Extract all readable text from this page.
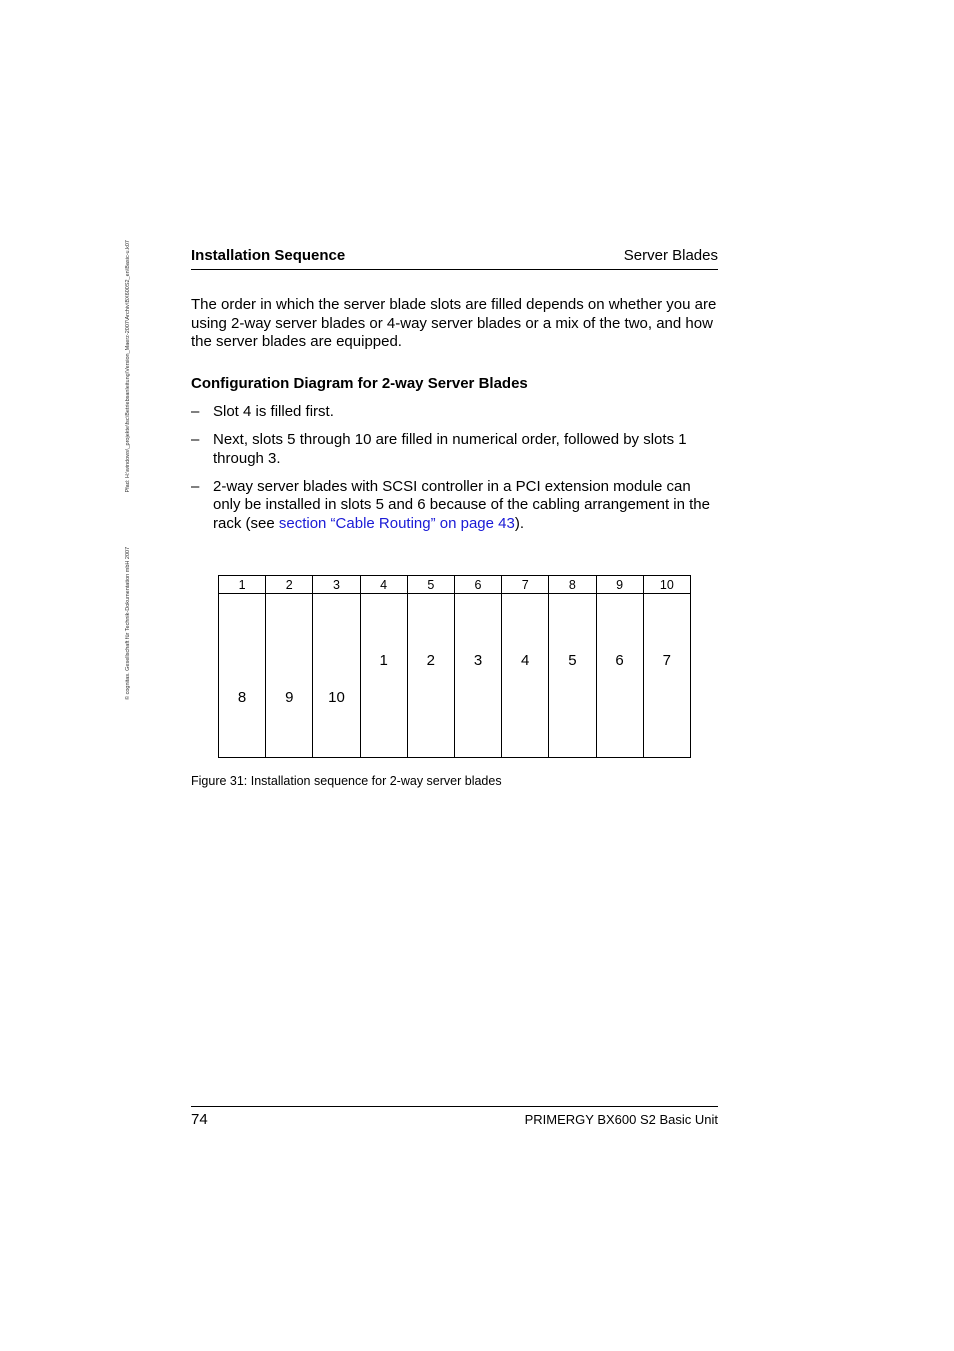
© cognitas. Gesellschaft für Technik-Dokumentation mbH 2007
Pfad: H:\windows\_projekte\fsc\Betriebsanleitung\Version_Maerz-2007\Archiv\BX600S2_en\Basic-u.k07	Installation Sequence	Server Blades

The order in which the server blade slots are filled depends on whether you are using 2-way server blades or 4-way server blades or a mix of the two, and how the server blades are equipped.

Configuration Diagram for 2-way Server Blades
– Slot 4 is filled first.
– Next, slots 5 through 10 are filled in numerical order, followed by slots 1 through 3.
– 2-way server blades with SCSI controller in a PCI extension module can only be installed in slots 5 and 6 because of the cabling arrangement in the rack (see section “Cable Routing” on page 43).
1	2	3	4	5	6	7	8	9	10

8	9	10	1	2	3	4	5	6	7

Figure 31: Installation sequence for 2-way server blades

74	PRIMERGY BX600 S2 Basic Unit
